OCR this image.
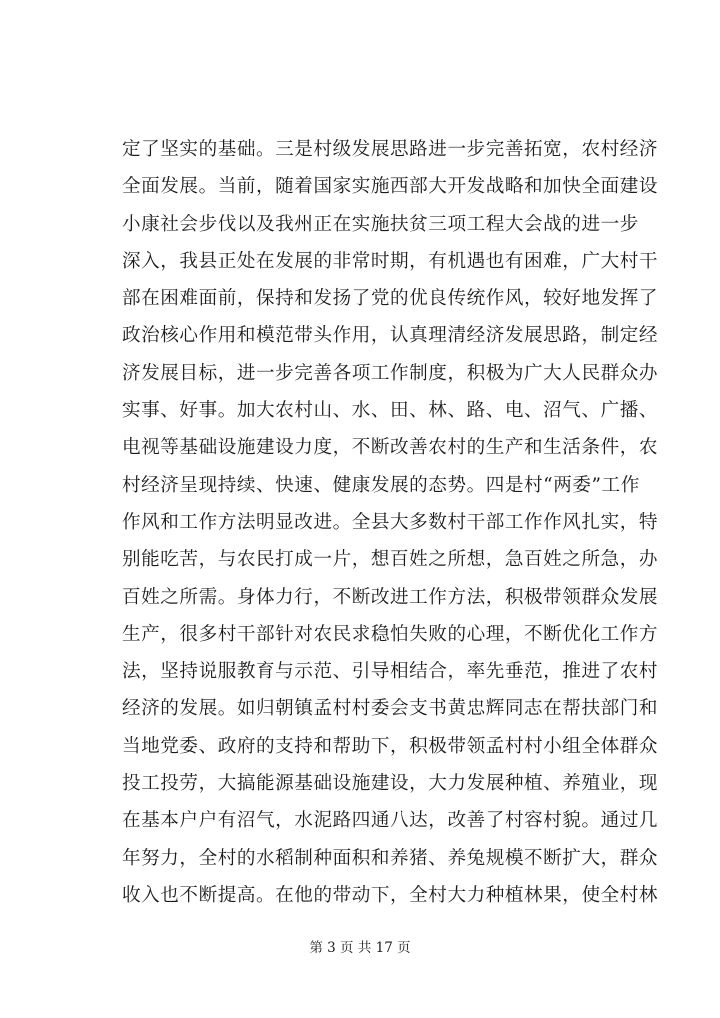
定了坚实的基础。三是村级发展思路进一步完善拓宽，农村经济
全面发展。当前，随着国家实施西部大开发战略和加快全面建设
小康社会步伐以及我州正在实施扶贫三项工程大会战的进一步
深入，我县正处在发展的非常时期，有机遇也有困难，广大村干
部在困难面前，保持和发扬了党的优良传统作风，较好地发挥了
政治核心作用和模范带头作用，认真理清经济发展思路，制定经
济发展目标，进一步完善各项工作制度，积极为广大人民群众办
实事、好事。加大农村山、水、田、林、路、电、沼气、广播、
电视等基础设施建设力度，不断改善农村的生产和生活条件，农
村经济呈现持续、快速、健康发展的态势。四是村“两委”工作
作风和工作方法明显改进。全县大多数村干部工作作风扎实，特
别能吃苦，与农民打成一片，想百姓之所想，急百姓之所急，办
百姓之所需。身体力行，不断改进工作方法，积极带领群众发展
生产，很多村干部针对农民求稳怕失败的心理，不断优化工作方
法，坚持说服教育与示范、引导相结合，率先垂范，推进了农村
经济的发展。如归朝镇孟村村委会支书黄忠辉同志在帮扶部门和
当地党委、政府的支持和帮助下，积极带领孟村村小组全体群众
投工投劳，大搞能源基础设施建设，大力发展种植、养殖业，现
在基本户户有沼气，水泥路四通八达，改善了村容村貌。通过几
年努力，全村的水稻制种面积和养猪、养兔规模不断扩大，群众
收入也不断提高。在他的带动下，全村大力种植林果，使全村林
第 3 页 共 17 页
